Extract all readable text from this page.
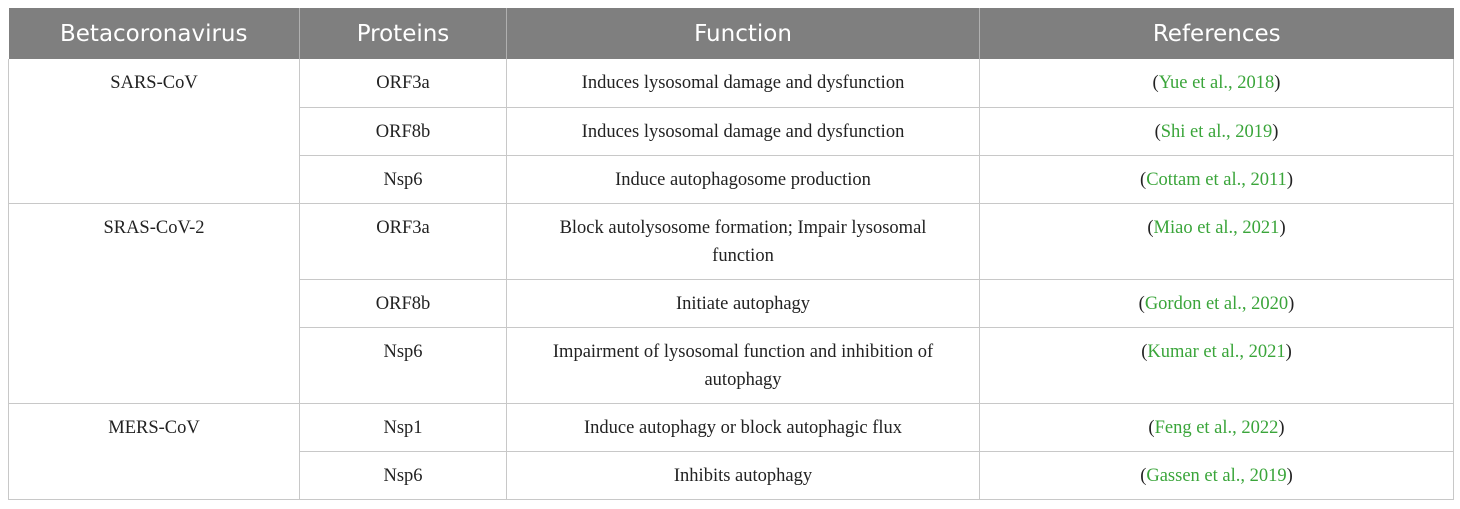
Betacoronavirus	Proteins	Function	References
SARS-CoV	ORF3a	Induces lysosomal damage and dysfunction	(Yue et al., 2018)
	ORF8b	Induces lysosomal damage and dysfunction	(Shi et al., 2019)
	Nsp6	Induce autophagosome production	(Cottam et al., 2011)
SRAS-CoV-2	ORF3a	Block autolysosome formation; Impair lysosomal function	(Miao et al., 2021)
	ORF8b	Initiate autophagy	(Gordon et al., 2020)
	Nsp6	Impairment of lysosomal function and inhibition of autophagy	(Kumar et al., 2021)
MERS-CoV	Nsp1	Induce autophagy or block autophagic flux	(Feng et al., 2022)
	Nsp6	Inhibits autophagy	(Gassen et al., 2019)
